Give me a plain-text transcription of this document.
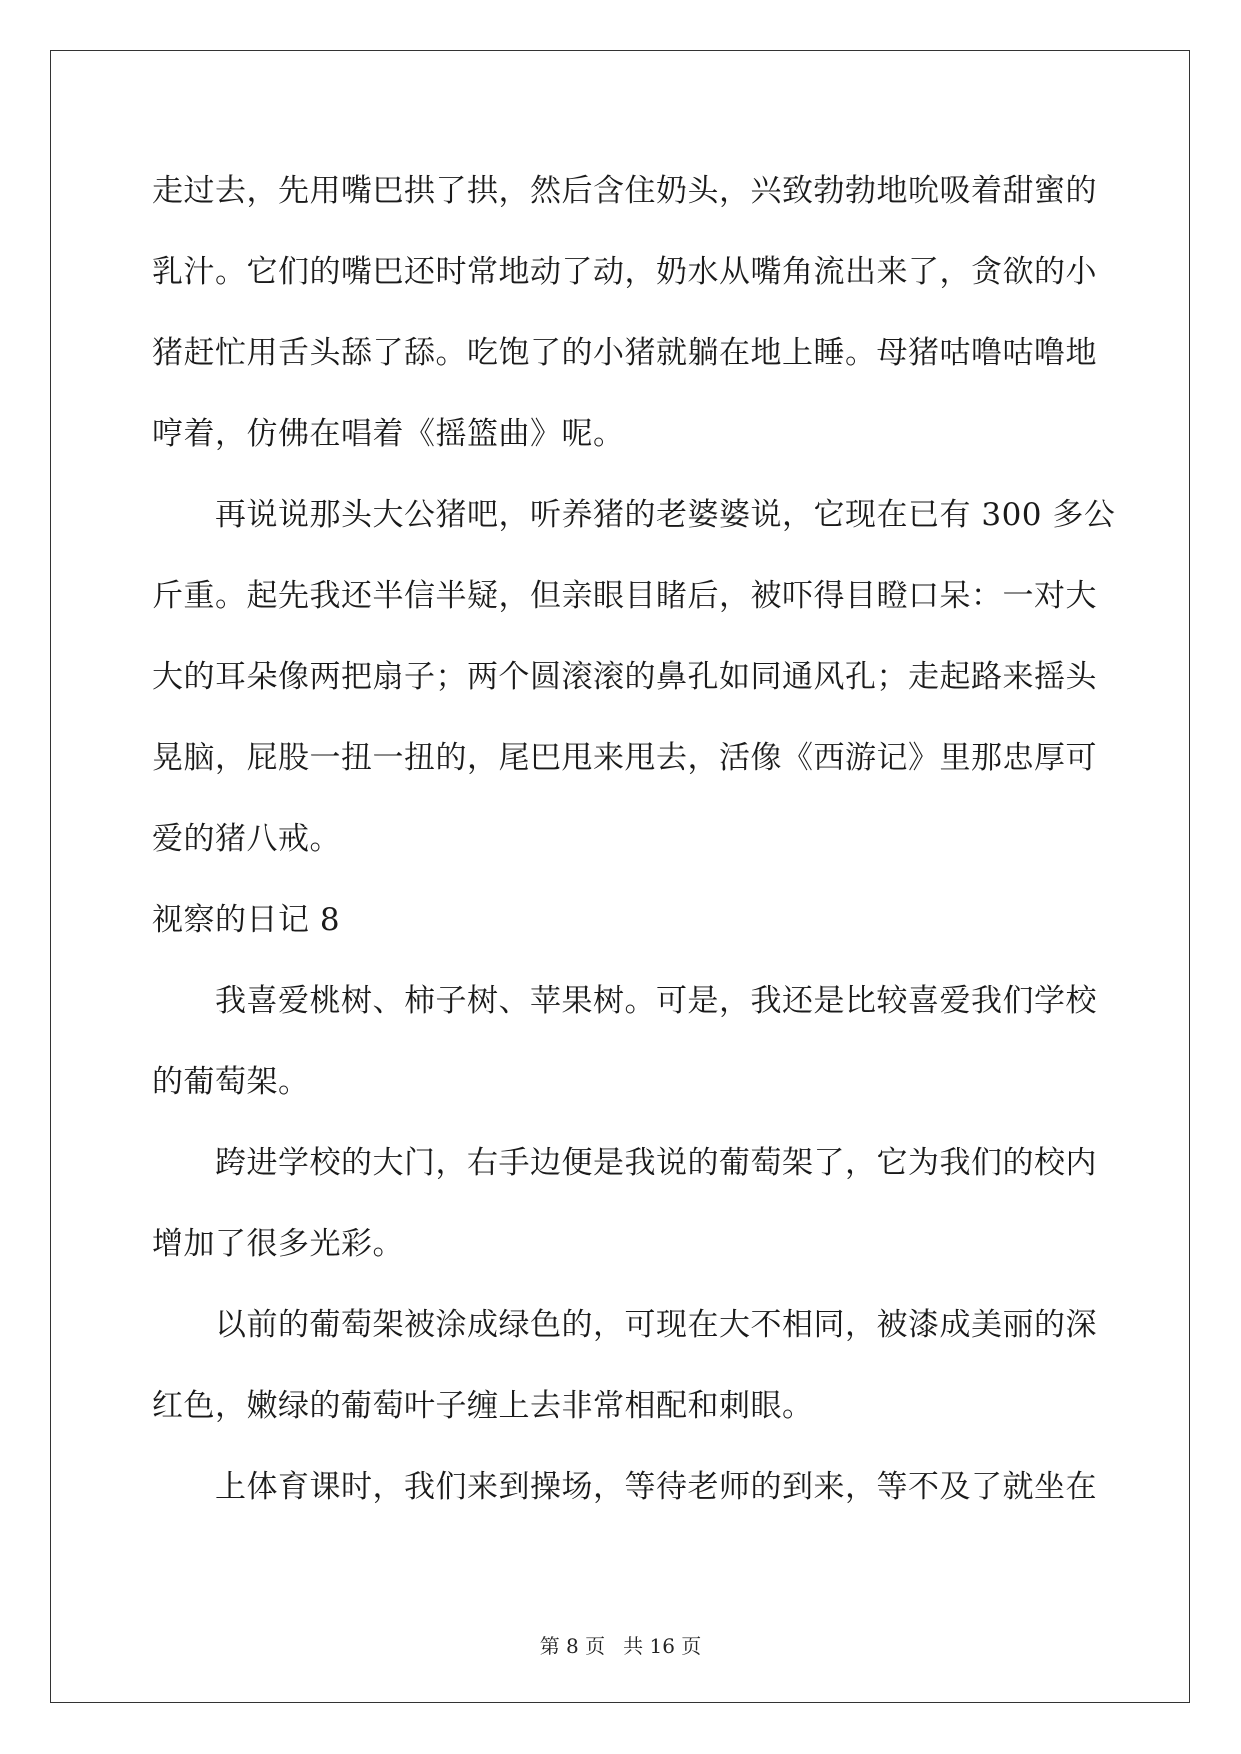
走过去，先用嘴巴拱了拱，然后含住奶头，兴致勃勃地吮吸着甜蜜的
乳汁。它们的嘴巴还时常地动了动，奶水从嘴角流出来了，贪欲的小
猪赶忙用舌头舔了舔。吃饱了的小猪就躺在地上睡。母猪咕噜咕噜地
哼着，仿佛在唱着《摇篮曲》呢。
再说说那头大公猪吧，听养猪的老婆婆说，它现在已有 300 多公
斤重。起先我还半信半疑，但亲眼目睹后，被吓得目瞪口呆：一对大
大的耳朵像两把扇子；两个圆滚滚的鼻孔如同通风孔；走起路来摇头
晃脑，屁股一扭一扭的，尾巴甩来甩去，活像《西游记》里那忠厚可
爱的猪八戒。
视察的日记 8
我喜爱桃树、柿子树、苹果树。可是，我还是比较喜爱我们学校
的葡萄架。
跨进学校的大门，右手边便是我说的葡萄架了，它为我们的校内
增加了很多光彩。
以前的葡萄架被涂成绿色的，可现在大不相同，被漆成美丽的深
红色，嫩绿的葡萄叶子缠上去非常相配和刺眼。
上体育课时，我们来到操场，等待老师的到来，等不及了就坐在
第 8 页 共 16 页
